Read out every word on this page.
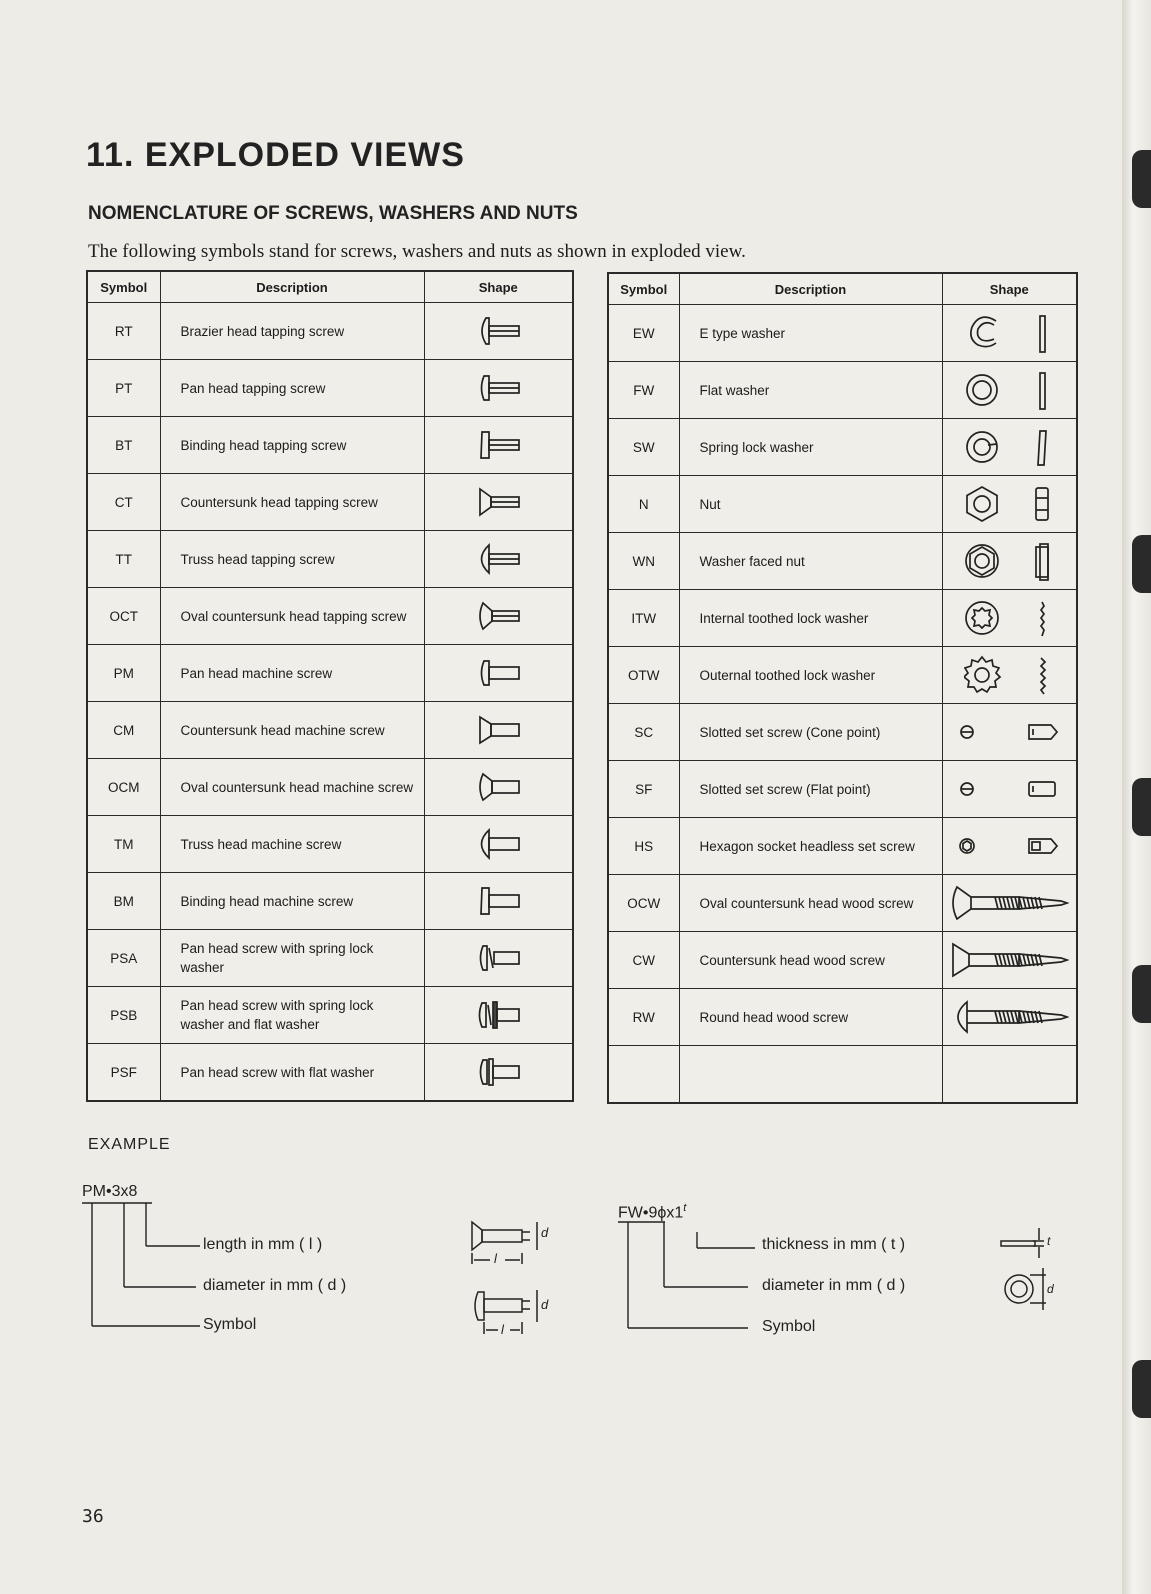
11. EXPLODED VIEWS
NOMENCLATURE OF SCREWS, WASHERS AND NUTS

The following symbols stand for screws, washers and nuts as shown in exploded view.

Symbol	Description	Shape
RT	Brazier head tapping screw	
PT	Pan head tapping screw	
BT	Binding head tapping screw	
CT	Countersunk head tapping screw	
TT	Truss head tapping screw	
OCT	Oval countersunk head tapping screw	
PM	Pan head machine screw	
CM	Countersunk head machine screw	
OCM	Oval countersunk head machine screw	
TM	Truss head machine screw	
BM	Binding head machine screw	
PSA	Pan head screw with spring lock washer	
PSB	Pan head screw with spring lock washer and flat washer	
PSF	Pan head screw with flat washer	
Symbol	Description	Shape
EW	E type washer	
FW	Flat washer	
SW	Spring lock washer	
N	Nut	
WN	Washer faced nut	
ITW	Internal toothed lock washer	
OTW	Outernal toothed lock washer	
SC	Slotted set screw (Cone point)	
SF	Slotted set screw (Flat point)	
HS	Hexagon socket headless set screw	
OCW	Oval countersunk head wood screw	
CW	Countersunk head wood screw	
RW	Round head wood screw	

EXAMPLE

PM•3x8
length in mm ( l )
diameter in mm ( d )
Symbol
d
l
d
l
FW•9ϕx1$^t$
thickness in mm ( t )
diameter in mm ( d )
Symbol
t
d

36
